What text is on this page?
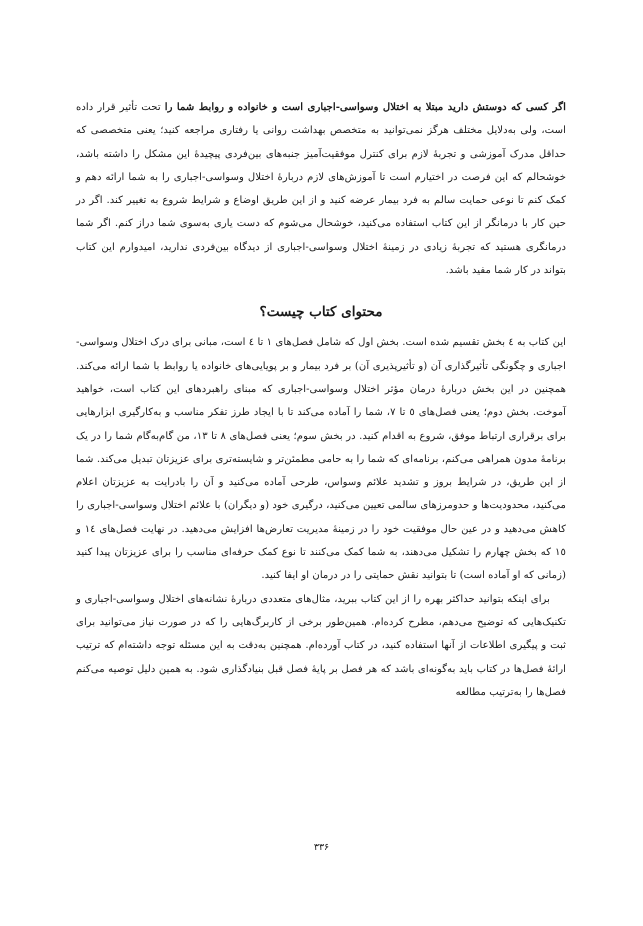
اگر کسی که دوستش دارید مبتلا به اختلال وسواسی-اجباری است و خانواده و روابط شما را تحت تأثیر قرار داده است، ولی به‌دلایل مختلف هرگز نمی‌توانید به متخصص بهداشت روانی یا رفتاری مراجعه کنید؛ یعنی متخصصی که حداقل مدرک آموزشی و تجربهٔ لازم برای کنترل موفقیت‌آمیز جنبه‌های بین‌فردی پیچیدهٔ این مشکل را داشته باشد، خوشحالم که این فرصت در اختیارم است تا آموزش‌های لازم دربارهٔ اختلال وسواسی-اجباری را به شما ارائه دهم و کمک کنم تا نوعی حمایت سالم به فرد بیمار عرضه کنید و از این طریق اوضاع و شرایط شروع به تغییر کند. اگر در حین کار با درمانگر از این کتاب استفاده می‌کنید، خوشحال می‌شوم که دست یاری به‌سوی شما دراز کنم. اگر شما درمانگری هستید که تجربهٔ زیادی در زمینهٔ اختلال وسواسی-اجباری از دیدگاه بین‌فردی ندارید، امیدوارم این کتاب بتواند در کار شما مفید باشد.

محتوای کتاب چیست؟

این کتاب به ٤ بخش تقسیم شده است. بخش اول که شامل فصل‌های ١ تا ٤ است، مبانی برای درک اختلال وسواسی-اجباری و چگونگی تأثیرگذاری آن (و تأثیرپذیری آن) بر فرد بیمار و بر پویایی‌های خانواده یا روابط با شما ارائه می‌کند. همچنین در این بخش دربارهٔ درمان مؤثر اختلال وسواسی-اجباری که مبنای راهبردهای این کتاب است، خواهید آموخت. بخش دوم؛ یعنی فصل‌های ٥ تا ٧، شما را آماده می‌کند تا با ایجاد طرز تفکر مناسب و به‌کارگیری ابزارهایی برای برقراری ارتباط موفق، شروع به اقدام کنید. در بخش سوم؛ یعنی فصل‌های ٨ تا ١٣، من گام‌به‌گام شما را در یک برنامهٔ مدون همراهی می‌کنم، برنامه‌ای که شما را به حامی مطمئن‌تر و شایسته‌تری برای عزیزتان تبدیل می‌کند. شما از این طریق، در شرایط بروز و تشدید علائم وسواس، طرحی آماده می‌کنید و آن را بادرایت به عزیزتان اعلام می‌کنید، محدودیت‌ها و حدومرزهای سالمی تعیین می‌کنید، درگیری خود (و دیگران) با علائم اختلال وسواسی-اجباری را کاهش می‌دهید و در عین حال موفقیت خود را در زمینهٔ مدیریت تعارض‌ها افزایش می‌دهید. در نهایت فصل‌های ١٤ و ١٥ که بخش چهارم را تشکیل می‌دهند، به شما کمک می‌کنند تا نوع کمک حرفه‌ای مناسب را برای عزیزتان پیدا کنید (زمانی که او آماده است) تا بتوانید نقش حمایتی را در درمان او ایفا کنید.

برای اینکه بتوانید حداکثر بهره را از این کتاب ببرید، مثال‌های متعددی دربارهٔ نشانه‌های اختلال وسواسی-اجباری و تکنیک‌هایی که توضیح می‌دهم، مطرح کرده‌ام. همین‌طور برخی از کاربرگ‌هایی را که در صورت نیاز می‌توانید برای ثبت و پیگیری اطلاعات از آنها استفاده کنید، در کتاب آورده‌ام. همچنین به‌دقت به این مسئله توجه داشته‌ام که ترتیب ارائهٔ فصل‌ها در کتاب باید به‌گونه‌ای باشد که هر فصل بر پایهٔ فصل قبل بنیادگذاری شود. به همین دلیل توصیه می‌کنم فصل‌ها را به‌ترتیب مطالعه

۳۳۶
